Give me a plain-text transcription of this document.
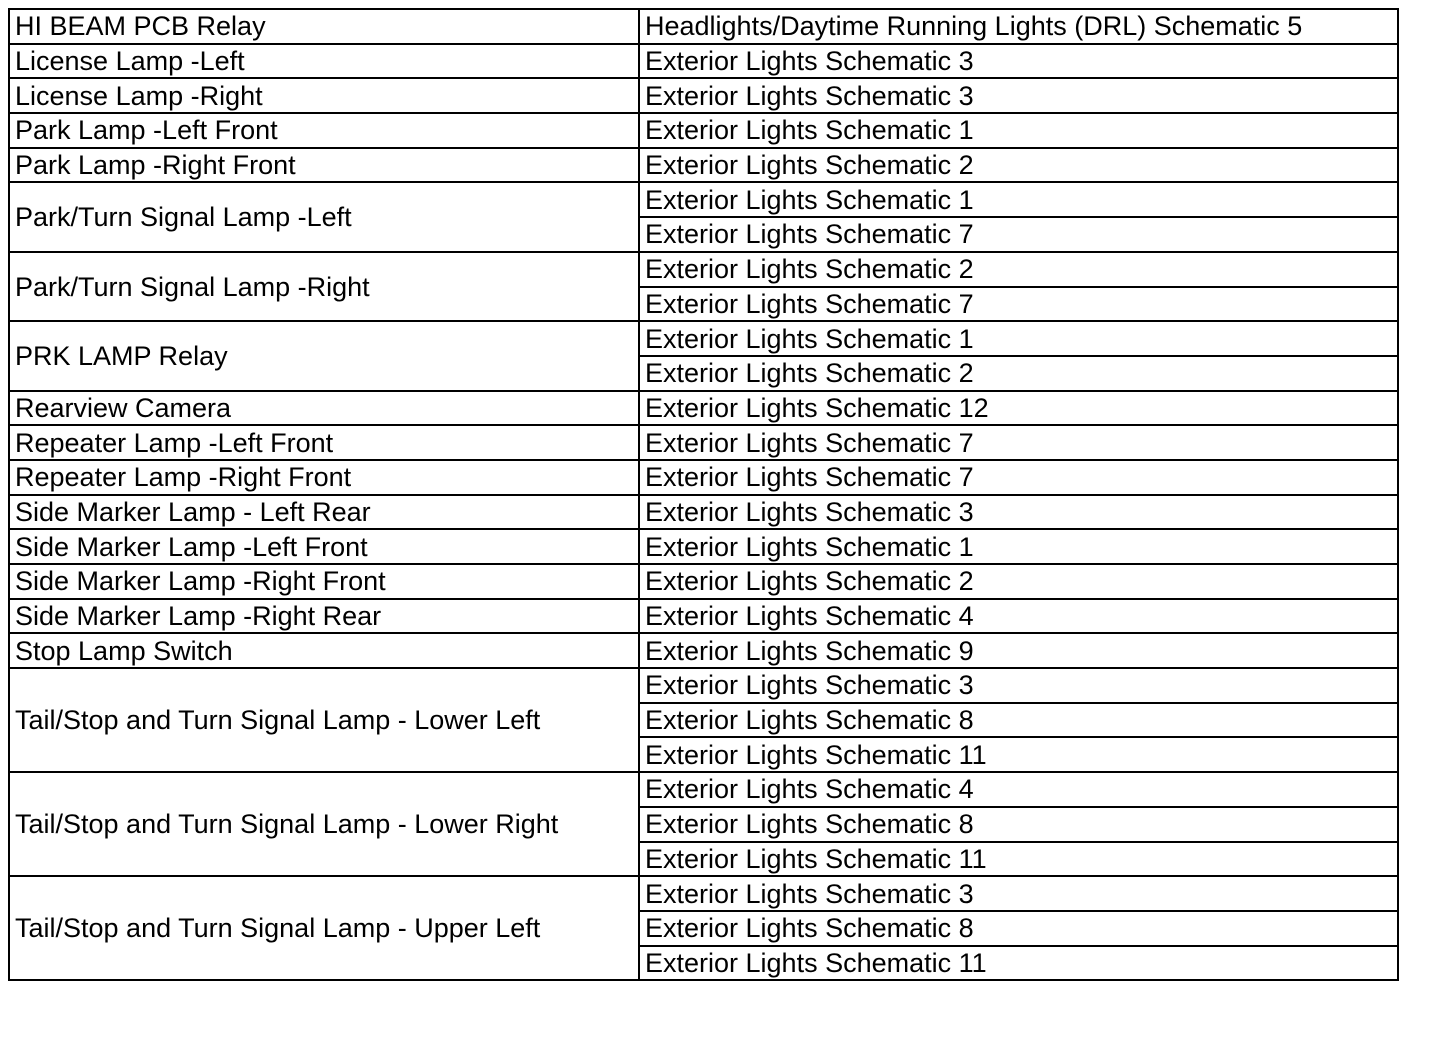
HI BEAM PCB Relay	Headlights/Daytime Running Lights (DRL) Schematic 5
License Lamp -Left	Exterior Lights Schematic 3
License Lamp -Right	Exterior Lights Schematic 3
Park Lamp -Left Front	Exterior Lights Schematic 1
Park Lamp -Right Front	Exterior Lights Schematic 2
Park/Turn Signal Lamp -Left	Exterior Lights Schematic 1
	Exterior Lights Schematic 7
Park/Turn Signal Lamp -Right	Exterior Lights Schematic 2
	Exterior Lights Schematic 7
PRK LAMP Relay	Exterior Lights Schematic 1
	Exterior Lights Schematic 2
Rearview Camera	Exterior Lights Schematic 12
Repeater Lamp -Left Front	Exterior Lights Schematic 7
Repeater Lamp -Right Front	Exterior Lights Schematic 7
Side Marker Lamp - Left Rear	Exterior Lights Schematic 3
Side Marker Lamp -Left Front	Exterior Lights Schematic 1
Side Marker Lamp -Right Front	Exterior Lights Schematic 2
Side Marker Lamp -Right Rear	Exterior Lights Schematic 4
Stop Lamp Switch	Exterior Lights Schematic 9
Tail/Stop and Turn Signal Lamp - Lower Left	Exterior Lights Schematic 3
	Exterior Lights Schematic 8
	Exterior Lights Schematic 11
Tail/Stop and Turn Signal Lamp - Lower Right	Exterior Lights Schematic 4
	Exterior Lights Schematic 8
	Exterior Lights Schematic 11
Tail/Stop and Turn Signal Lamp - Upper Left	Exterior Lights Schematic 3
	Exterior Lights Schematic 8
	Exterior Lights Schematic 11
